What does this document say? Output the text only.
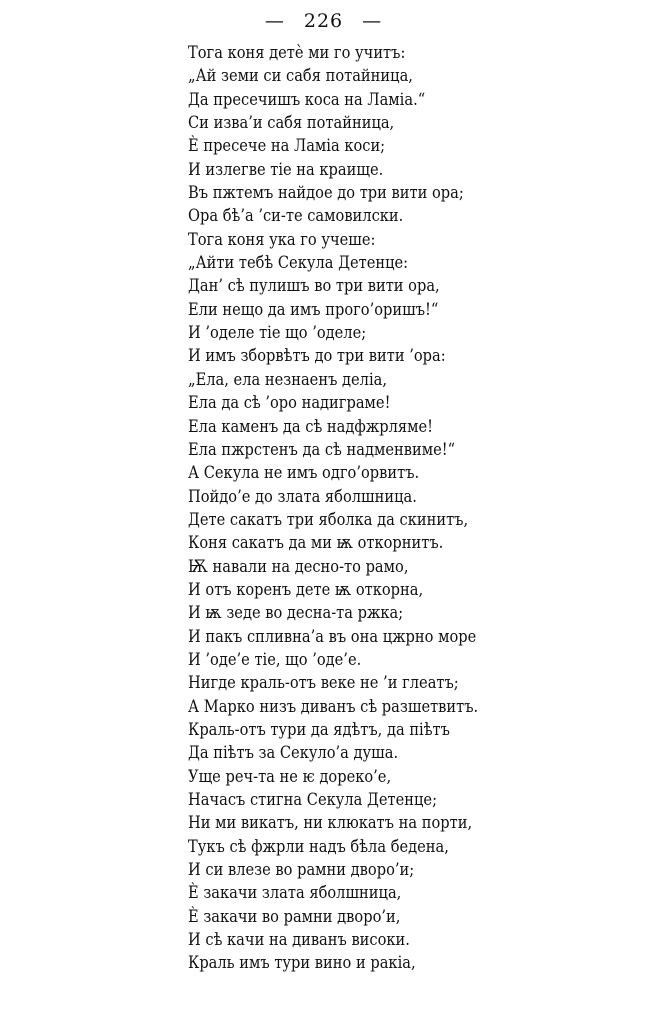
— 226 —
Тога коня детѐ ми го учитъ:
„Ай земи си сабя потайница,
Да пресечишъ коса на Ламіа.“
Си изва’и сабя потайница,
Ѐ пресече на Ламіа коси;
И излегве тіе на краище.
Въ пжтемъ найдое до три вити ора;
Ора бѣ’а ’си-те самовилски.
Тога коня ука го учеше:
„Айти тебѣ Секула Детенце:
Дан’ сѣ пулишъ во три вити ора,
Ели нещо да имъ прого’оришъ!“
И ’оделе тіе що ’оделе;
И имъ зборвѣтъ до три вити ’ора:
„Ела, ела незнаенъ деліа,
Ела да сѣ ’оро надиграме!
Ела каменъ да сѣ надфжрляме!
Ела пжрстенъ да сѣ надменвиме!“
А Секула не имъ одго’орвитъ.
Пойдо’е до злата яболшница.
Дете сакатъ три яболка да скинитъ,
Коня сакатъ да ми ѭ откорнитъ.
Ѭ навали на десно-то рамо,
И отъ коренъ дете ѭ откорна,
И ѭ зеде во десна-та ржка;
И пакъ спливна’а въ она цжрно море
И ’оде’е тіе, що ’оде’е.
Нигде краль-отъ веке не ’и глеатъ;
А Марко низъ диванъ сѣ разшетвитъ.
Краль-отъ тури да ядѣтъ, да пiѣтъ
Да пiѣтъ за Секуло’а душа.
Уще реч-та не ѥ дореко’е,
Начасъ стигна Секула Детенце;
Ни ми викатъ, ни клюкатъ на порти,
Тукъ сѣ фжрли надъ бѣла бедена,
И си влезе во рамни дворо’и;
Ѐ закачи злата яболшница,
Ѐ закачи во рамни дворо’и,
И сѣ качи на диванъ високи.
Краль имъ тури вино и ракіа,
